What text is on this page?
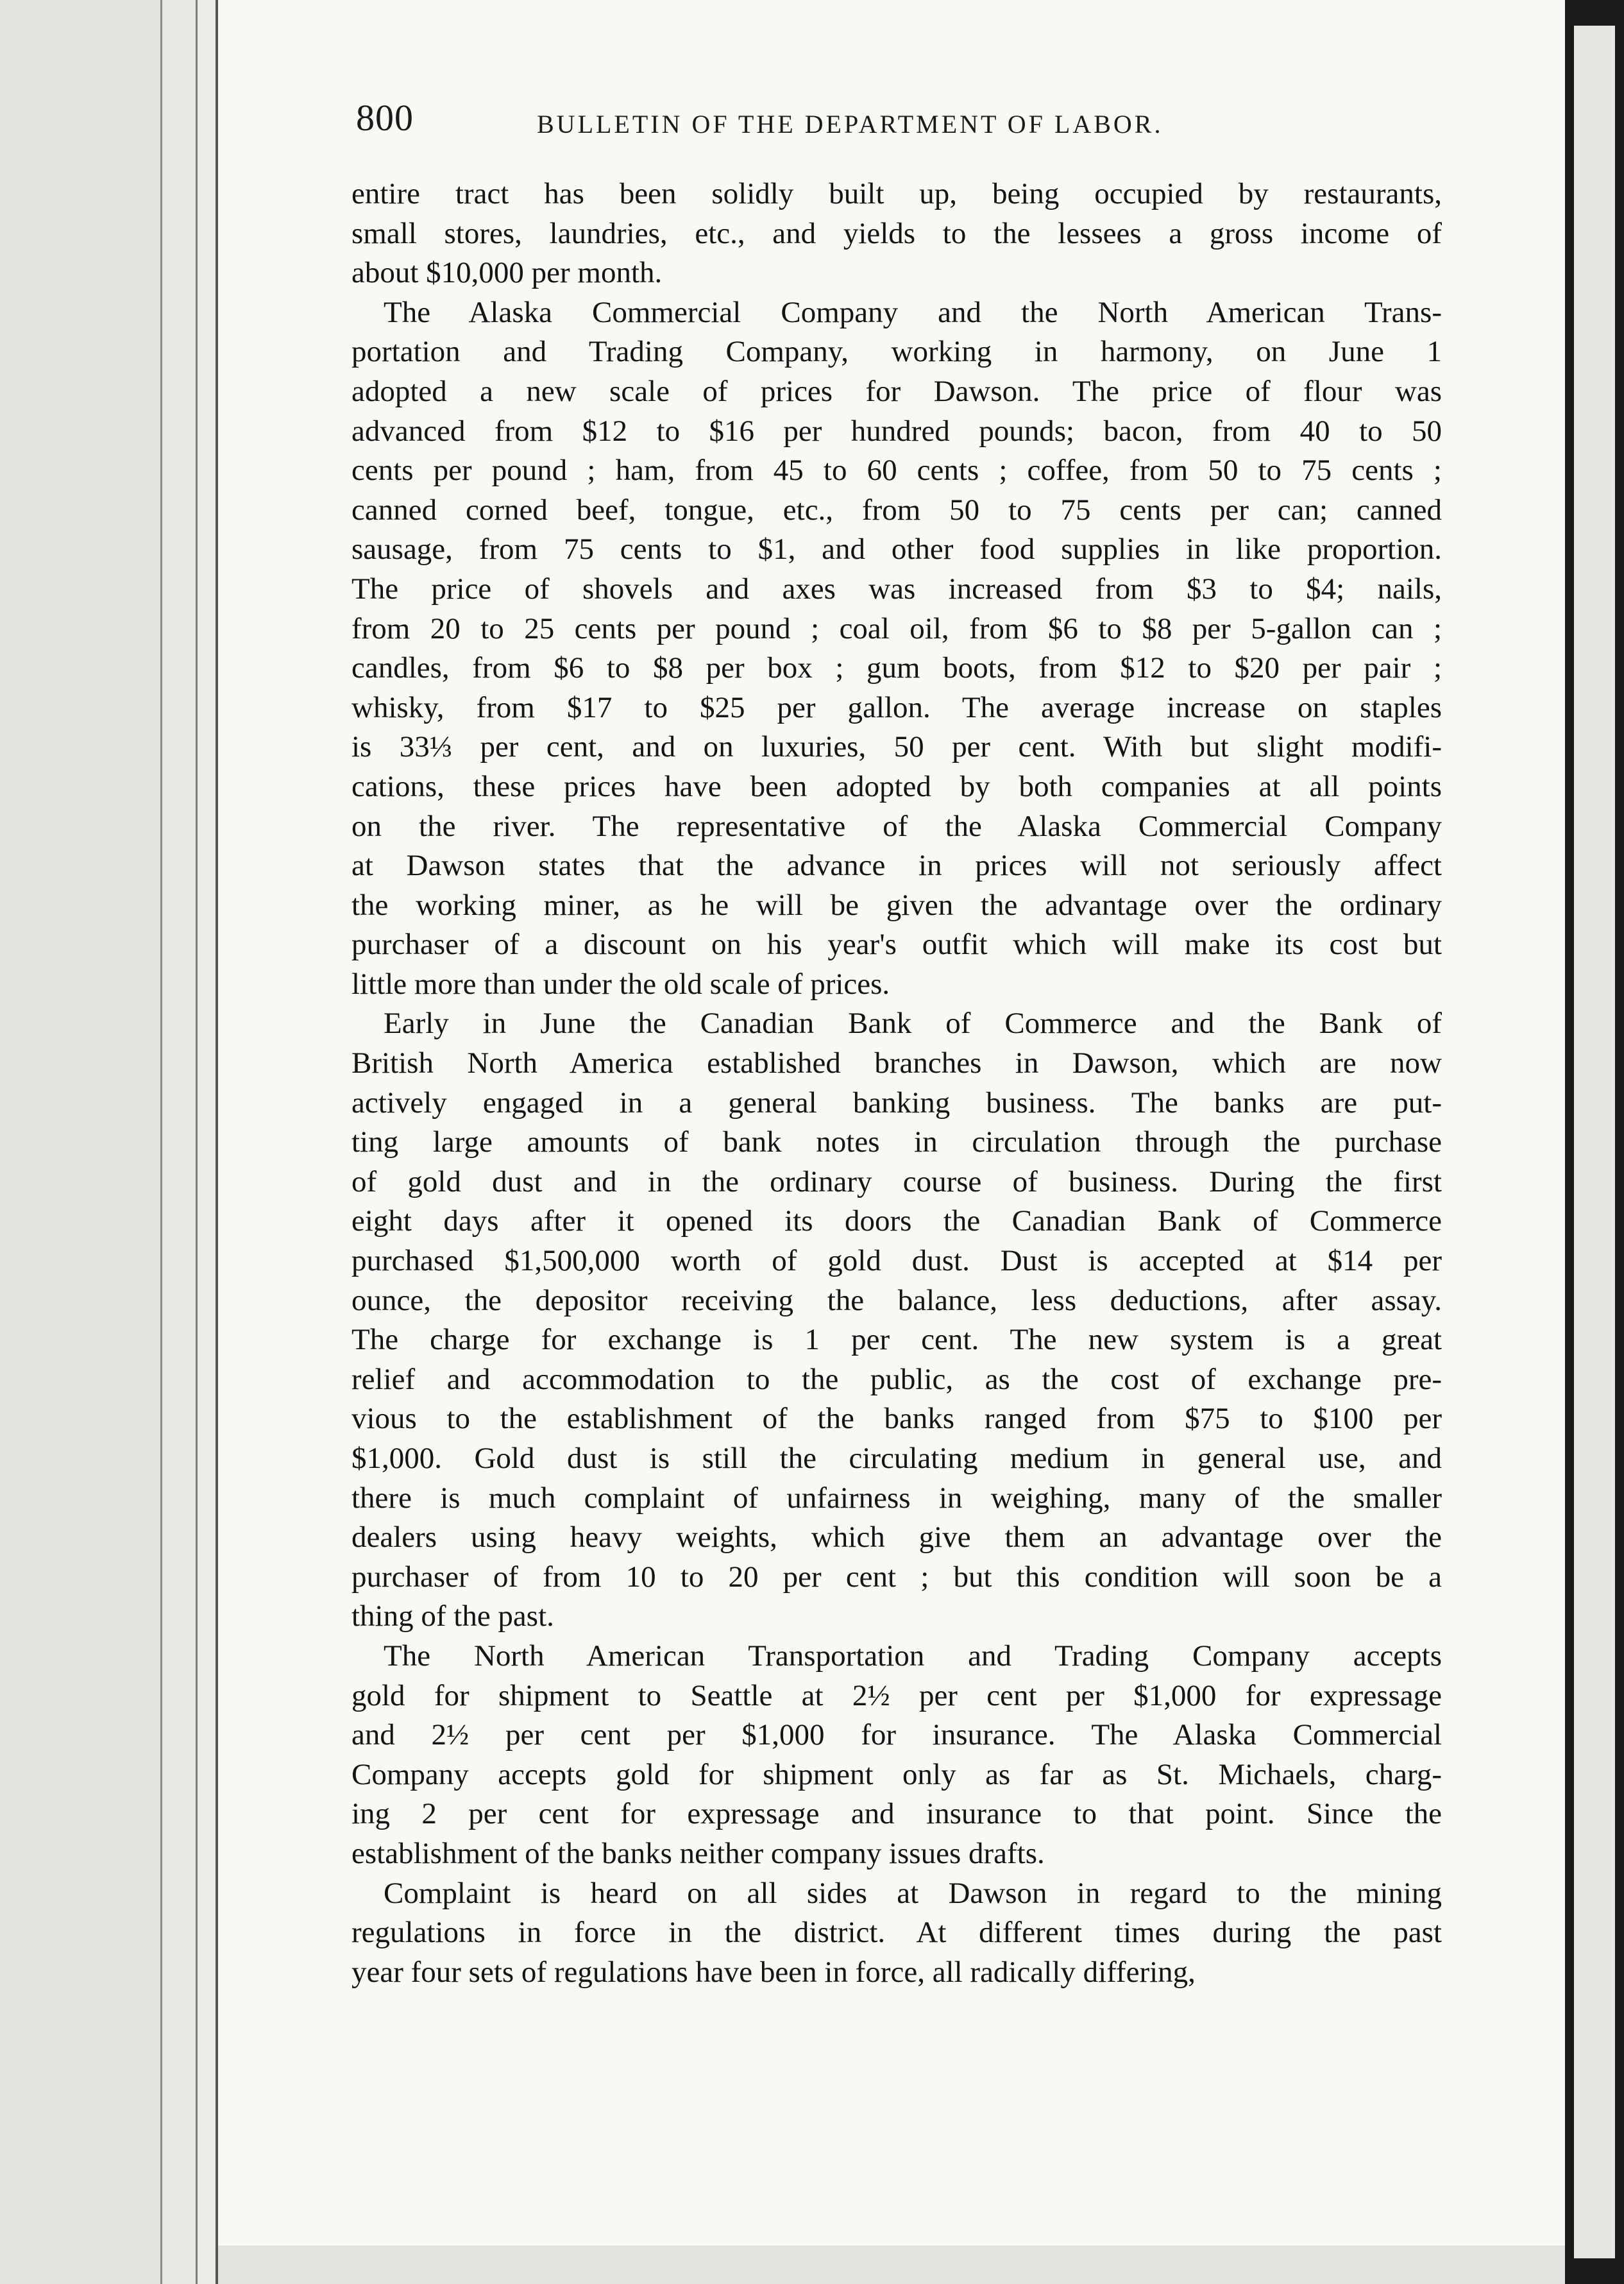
800	BULLETIN OF THE DEPARTMENT OF LABOR.
entire tract has been solidly built up, being occupied by restaurants,
small stores, laundries, etc., and yields to the lessees a gross income of
about $10,000 per month.
The Alaska Commercial Company and the North American Trans-
portation and Trading Company, working in harmony, on June 1
adopted a new scale of prices for Dawson. The price of flour was
advanced from $12 to $16 per hundred pounds; bacon, from 40 to 50
cents per pound ; ham, from 45 to 60 cents ; coffee, from 50 to 75 cents ;
canned corned beef, tongue, etc., from 50 to 75 cents per can; canned
sausage, from 75 cents to $1, and other food supplies in like proportion.
The price of shovels and axes was increased from $3 to $4; nails,
from 20 to 25 cents per pound ; coal oil, from $6 to $8 per 5-gallon can ;
candles, from $6 to $8 per box ; gum boots, from $12 to $20 per pair ;
whisky, from $17 to $25 per gallon. The average increase on staples
is 33⅓ per cent, and on luxuries, 50 per cent. With but slight modifi-
cations, these prices have been adopted by both companies at all points
on the river. The representative of the Alaska Commercial Company
at Dawson states that the advance in prices will not seriously affect
the working miner, as he will be given the advantage over the ordinary
purchaser of a discount on his year's outfit which will make its cost but
little more than under the old scale of prices.
Early in June the Canadian Bank of Commerce and the Bank of
British North America established branches in Dawson, which are now
actively engaged in a general banking business. The banks are put-
ting large amounts of bank notes in circulation through the purchase
of gold dust and in the ordinary course of business. During the first
eight days after it opened its doors the Canadian Bank of Commerce
purchased $1,500,000 worth of gold dust. Dust is accepted at $14 per
ounce, the depositor receiving the balance, less deductions, after assay.
The charge for exchange is 1 per cent. The new system is a great
relief and accommodation to the public, as the cost of exchange pre-
vious to the establishment of the banks ranged from $75 to $100 per
$1,000. Gold dust is still the circulating medium in general use, and
there is much complaint of unfairness in weighing, many of the smaller
dealers using heavy weights, which give them an advantage over the
purchaser of from 10 to 20 per cent ; but this condition will soon be a
thing of the past.
The North American Transportation and Trading Company accepts
gold for shipment to Seattle at 2½ per cent per $1,000 for expressage
and 2½ per cent per $1,000 for insurance. The Alaska Commercial
Company accepts gold for shipment only as far as St. Michaels, charg-
ing 2 per cent for expressage and insurance to that point. Since the
establishment of the banks neither company issues drafts.
Complaint is heard on all sides at Dawson in regard to the mining
regulations in force in the district. At different times during the past
year four sets of regulations have been in force, all radically differing,
